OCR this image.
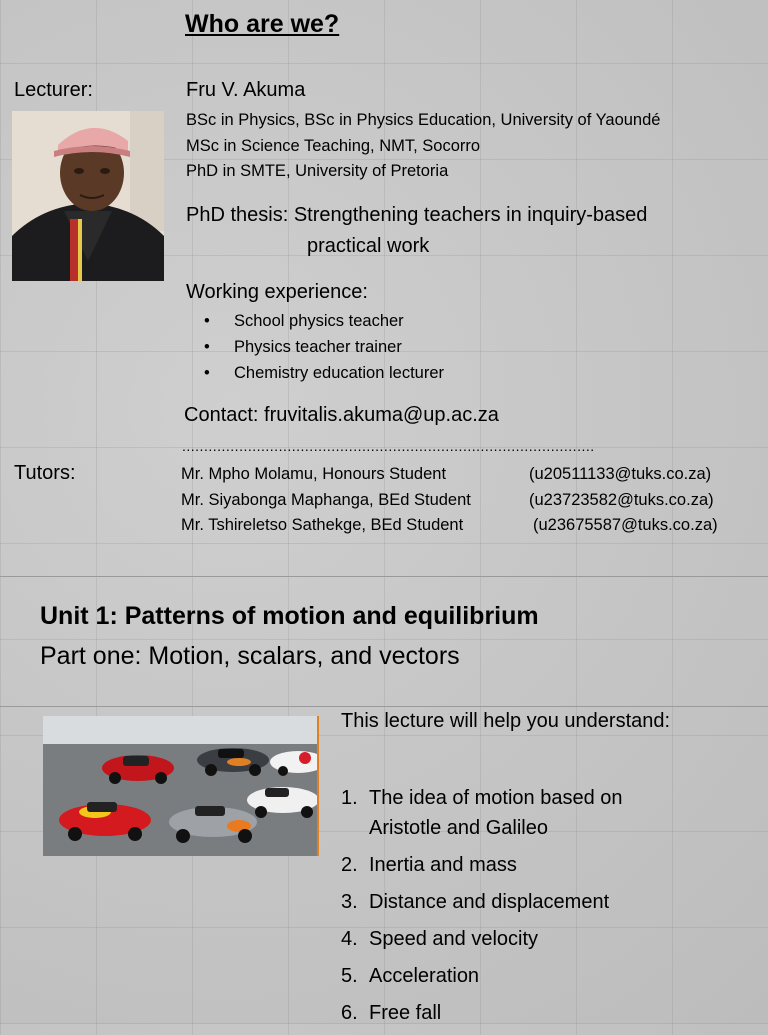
Who are we?
Lecturer:	Fru V. Akuma
BSc in Physics, BSc in Physics Education, University of Yaoundé
MSc in Science Teaching, NMT, Socorro
PhD in SMTE, University of Pretoria
PhD thesis: Strengthening teachers in inquiry-based
practical work
Working experience:
• School physics teacher
• Physics teacher trainer
• Chemistry education lecturer
Contact: fruvitalis.akuma@up.ac.za
..............................................................................................
Tutors:	Mr. Mpho Molamu, Honours Student	(u20511133@tuks.co.za)
Mr. Siyabonga Maphanga, BEd Student	(u23723582@tuks.co.za)
Mr. Tshireletso Sathekge, BEd Student	(u23675587@tuks.co.za)
Unit 1: Patterns of motion and equilibrium
Part one: Motion, scalars, and vectors
This lecture will help you understand:
1. The idea of motion based on
Aristotle and Galileo
2. Inertia and mass
3. Distance and displacement
4. Speed and velocity
5. Acceleration
6. Free fall
